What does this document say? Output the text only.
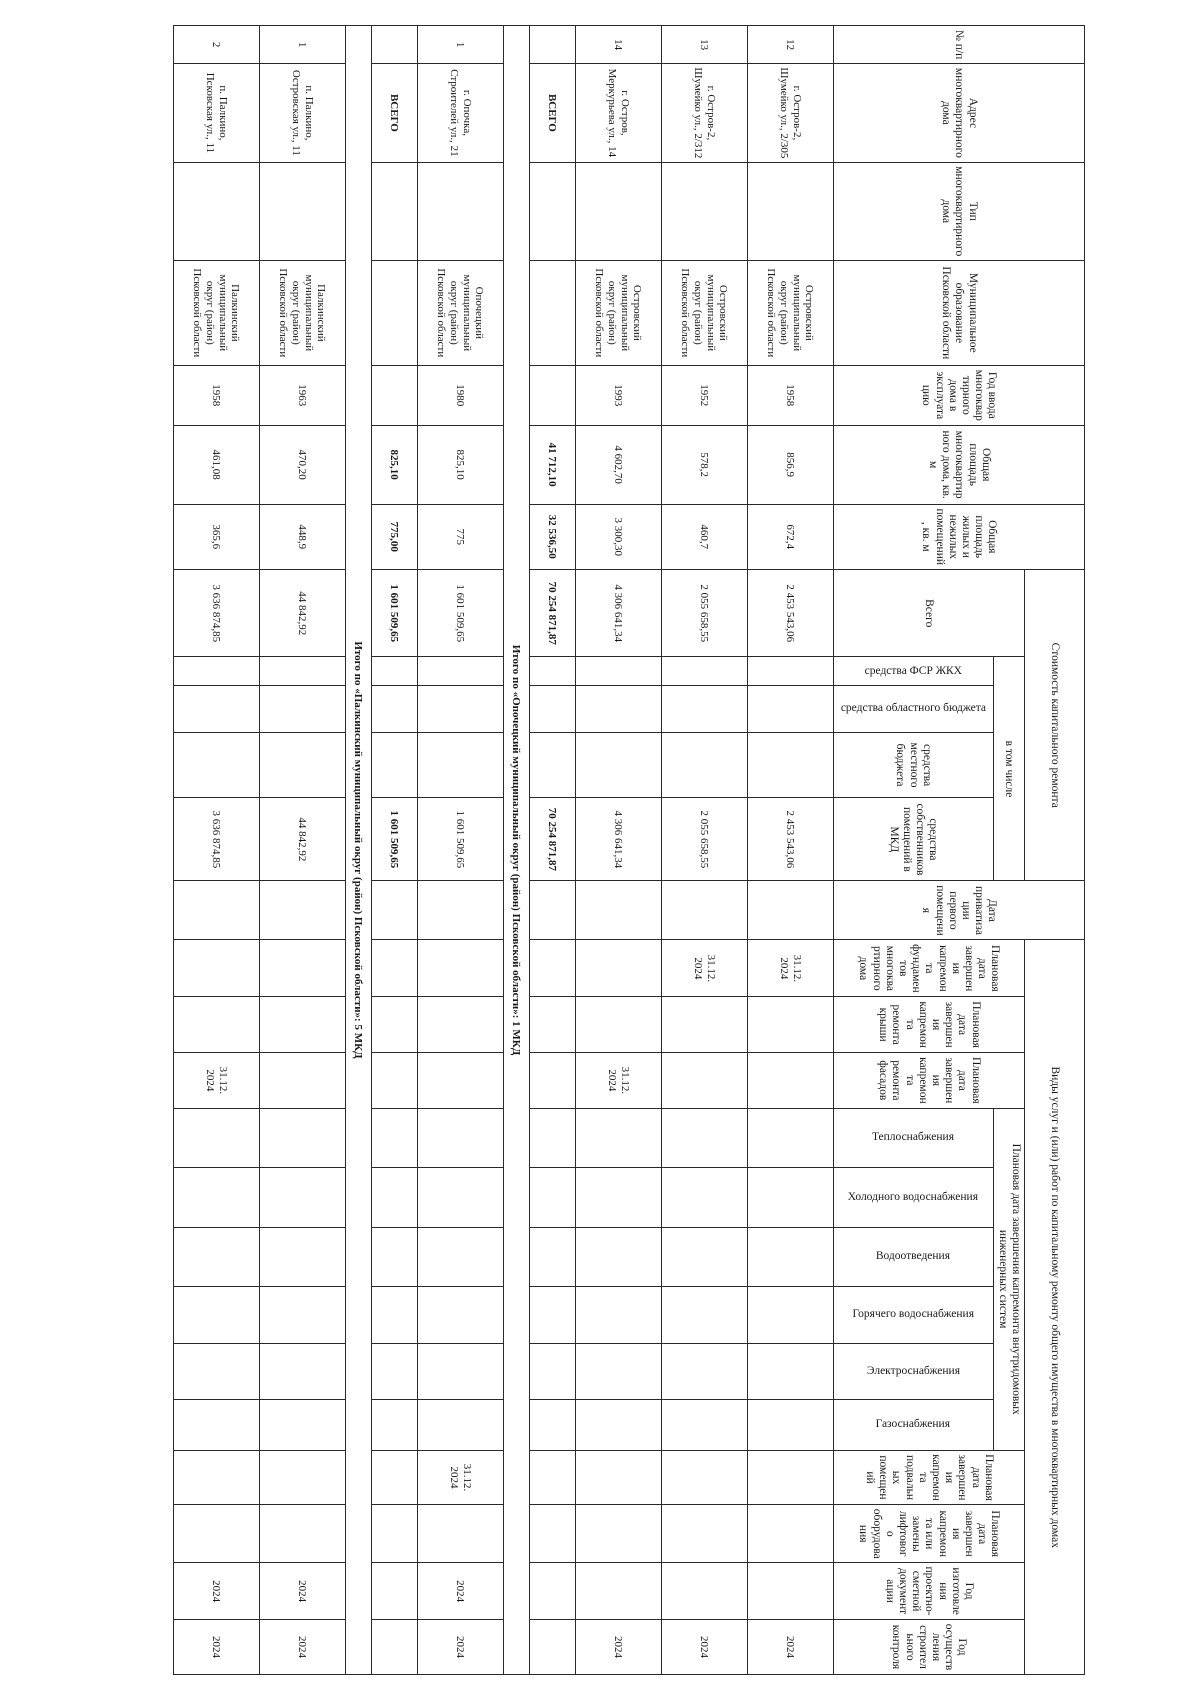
№ п/п	Адрес многоквартирного дома	Тип многоквартирного дома	Муниципальное образование Псковской области	Год ввода многоквартирного дома в эксплуатацию	Общая площадь многоквартирного дома, кв. м	Общая площадь жилых и нежилых помещений, кв. м	Стоимость капитального ремонта					Дата приватизации первого помещения	Виды услуг и (или) работ по капитальному ремонту общего имущества в многоквартирных домах												
							Всего	в том числе					Плановая дата завершения капремонта фундаментов многоквартирного дома	Плановая дата завершения капремонта ремонта крыши	Плановая дата завершения капремонта ремонта фасадов	Плановая дата завершения капремонта внутридомовых инженерных систем						Плановая дата завершения капремонта подвальных помещений	Плановая дата завершения капремонта или замены лифтового оборудования	Год изготовления проектно-сметной документации	Год осуществления строительного контроля

								средства ФСР ЖКХ	средства областного бюджета	средства местного бюджета	средства собственников помещений в МКД					Теплоснабжения	Холодного водоснабжения	Водоотведения	Горячего водоснабжения	Электроснабжения	Газоснабжения				

12	г. Остров-2, Шумейко ул., 2/305		Островский муниципальный округ (район) Псковской области	1958	856,9	672,4	2 453 543,06				2 453 543,06		31.12. 2024												2024
13	г. Остров-2, Шумейко ул., 2/312		Островский муниципальный округ (район) Псковской области	1952	578,2	460,7	2 055 658,55				2 055 658,55		31.12. 2024												2024
14	г. Остров, Меркурьева ул., 14		Островский муниципальный округ (район) Псковской области	1993	4 602,70	3 300,30	4 306 641,34				4 306 641,34				31.12. 2024										2024
	ВСЕГО				41 712,10	32 536,50	70 254 871,87				70 254 871,87														
Итого по «Опочецкий муниципальный округ (район) Псковской области»: 1 МКД																									
1	г. Опочка, Строителей ул., 21		Опочецкий муниципальный округ (район) Псковской области	1980	825,10	775	1 601 509,65				1 601 509,65											31.12. 2024		2024	2024
	ВСЕГО				825,10	775,00	1 601 509,65				1 601 509,65														
Итого по «Палкинский муниципальный округ (район) Псковской области»: 5 МКД																									
1	п. Палкино, Островская ул., 11		Палкинский муниципальный округ (район) Псковской области	1963	470,20	448,9	44 842,92				44 842,92													2024	2024
2	п. Палкино, Псковская ул., 11		Палкинский муниципальный округ (район) Псковской области	1958	461,08	365,6	3 636 874,85				3 636 874,85				31.12. 2024									2024	2024
